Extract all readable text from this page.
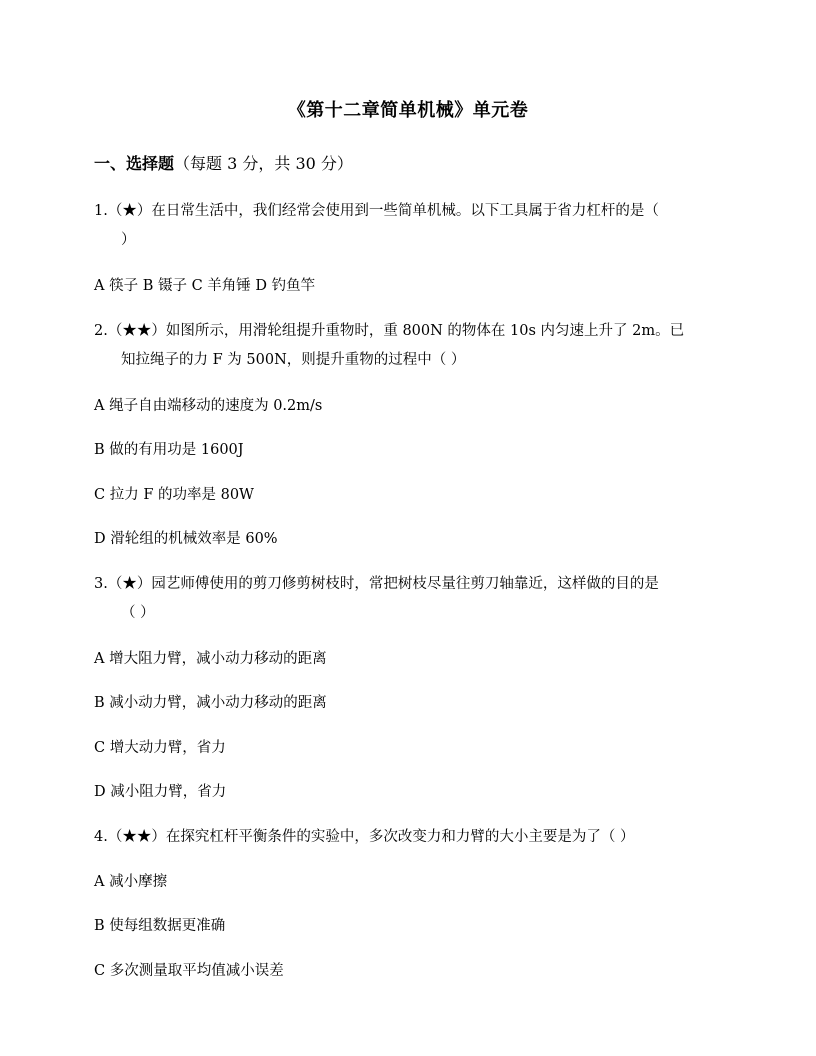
《第十二章简单机械》单元卷
一、选择题（每题 3 分，共 30 分）
1.（★）在日常生活中，我们经常会使用到一些简单机械。以下工具属于省力杠杆的是（
）
A 筷子 B 镊子 C 羊角锤 D 钓鱼竿
2.（★★）如图所示，用滑轮组提升重物时，重 800N 的物体在 10s 内匀速上升了 2m。已
知拉绳子的力 F 为 500N，则提升重物的过程中（ ）
A 绳子自由端移动的速度为 0.2m/s
B 做的有用功是 1600J
C 拉力 F 的功率是 80W
D 滑轮组的机械效率是 60%
3.（★）园艺师傅使用的剪刀修剪树枝时，常把树枝尽量往剪刀轴靠近，这样做的目的是
（ ）
A 增大阻力臂，减小动力移动的距离
B 减小动力臂，减小动力移动的距离
C 增大动力臂，省力
D 减小阻力臂，省力
4.（★★）在探究杠杆平衡条件的实验中，多次改变力和力臂的大小主要是为了（ ）
A 减小摩擦
B 使每组数据更准确
C 多次测量取平均值减小误差
